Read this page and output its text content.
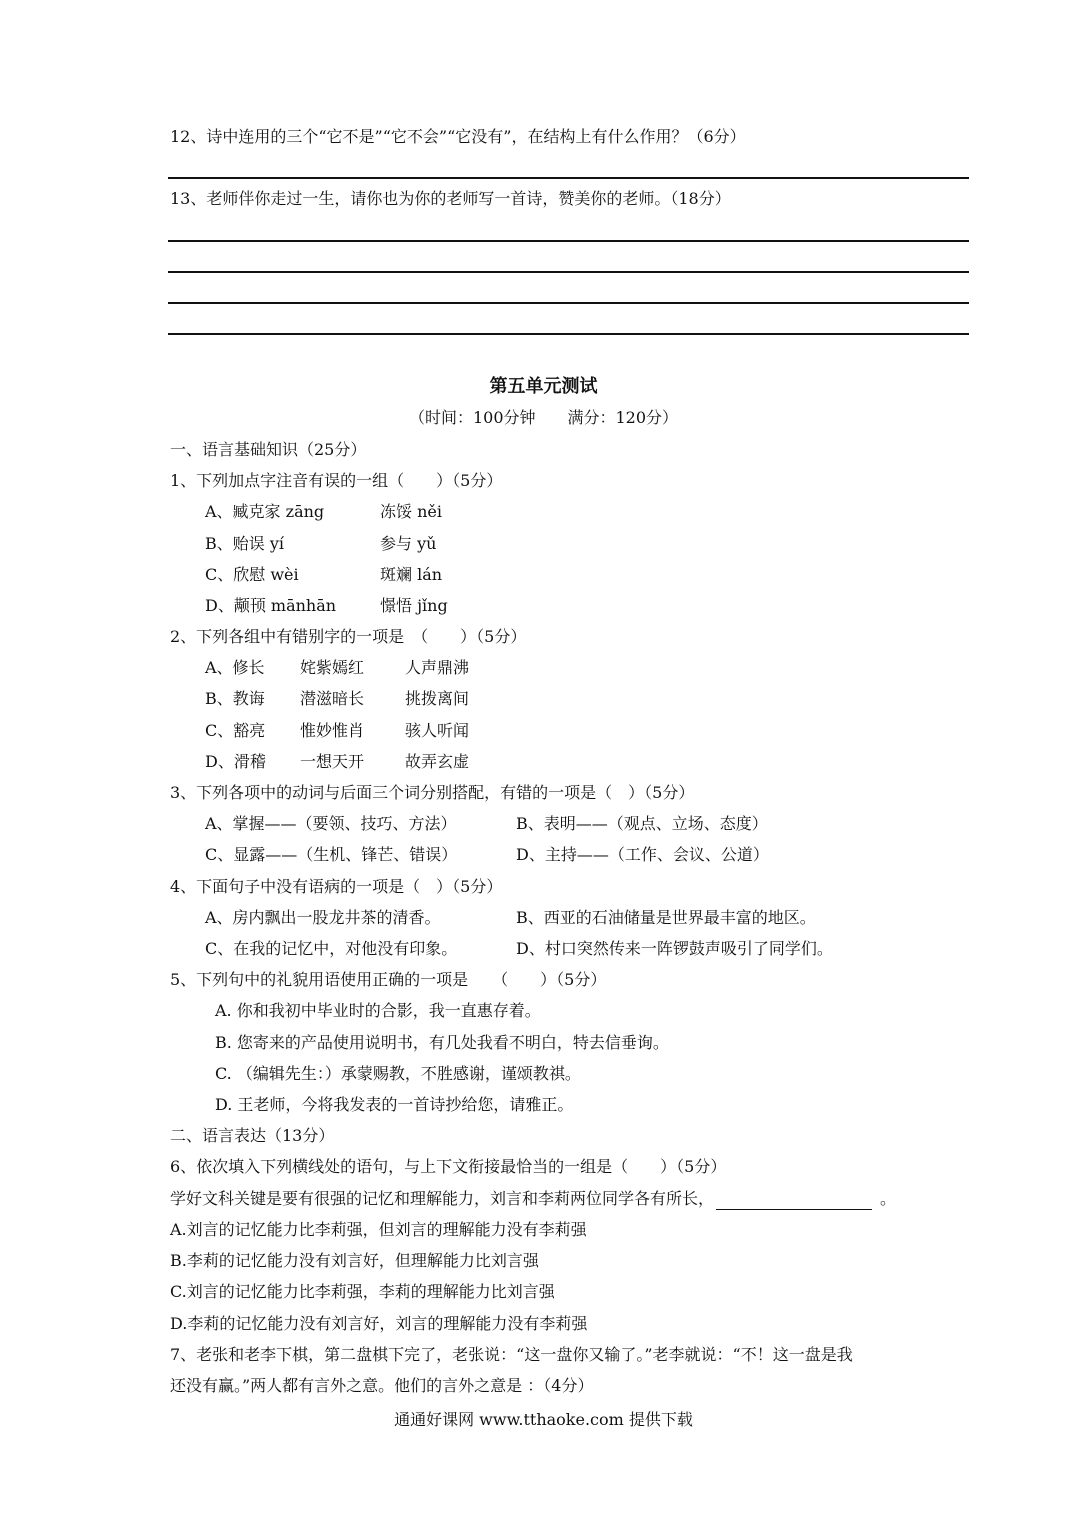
12、诗中连用的三个“它不是”“它不会”“它没有”，在结构上有什么作用？（6分）
13、老师伴你走过一生，请你也为你的老师写一首诗，赞美你的老师。（18分）
第五单元测试
（时间：100分钟　　满分：120分）
一、语言基础知识（25分）
1、下列加点字注音有误的一组（　　）（5分）
A、臧克家 zāng	冻馁 něi
B、贻误 yí	参与 yǔ
C、欣慰 wèi	斑斓 lán
D、颟顸 mānhān	憬悟 jǐng
2、下列各组中有错别字的一项是　（　　）（5分）
A、修长 姹紫嫣红	人声鼎沸
B、教诲 潜滋暗长	挑拨离间
C、豁亮 惟妙惟肖	骇人听闻
D、滑稽 一想天开	故弄玄虚
3、下列各项中的动词与后面三个词分别搭配，有错的一项是（　）（5分）
A、掌握——（要领、技巧、方法）	B、表明——（观点、立场、态度）
C、显露——（生机、锋芒、错误）	D、主持——（工作、会议、公道）
4、下面句子中没有语病的一项是（　）（5分）
A、房内飘出一股龙井茶的清香。	B、西亚的石油储量是世界最丰富的地区。
C、在我的记忆中，对他没有印象。	D、村口突然传来一阵锣鼓声吸引了同学们。
5、下列句中的礼貌用语使用正确的一项是　　（　　）（5分）
A. 你和我初中毕业时的合影，我一直惠存着。
B. 您寄来的产品使用说明书，有几处我看不明白，特去信垂询。
C. （编辑先生：）承蒙赐教，不胜感谢，谨颂教祺。
D. 王老师，今将我发表的一首诗抄给您，请雅正。
二、语言表达（13分）
6、依次填入下列横线处的语句，与上下文衔接最恰当的一组是（　　）（5分）
学好文科关键是要有很强的记忆和理解能力，刘言和李莉两位同学各有所长，	。
A.刘言的记忆能力比李莉强，但刘言的理解能力没有李莉强
B.李莉的记忆能力没有刘言好，但理解能力比刘言强
C.刘言的记忆能力比李莉强，李莉的理解能力比刘言强
D.李莉的记忆能力没有刘言好，刘言的理解能力没有李莉强
7、老张和老李下棋，第二盘棋下完了，老张说：“这一盘你又输了。”老李就说：“不！这一盘是我
还没有赢。”两人都有言外之意。他们的言外之意是 ：（4分）
通通好课网 www.tthaoke.com 提供下载
